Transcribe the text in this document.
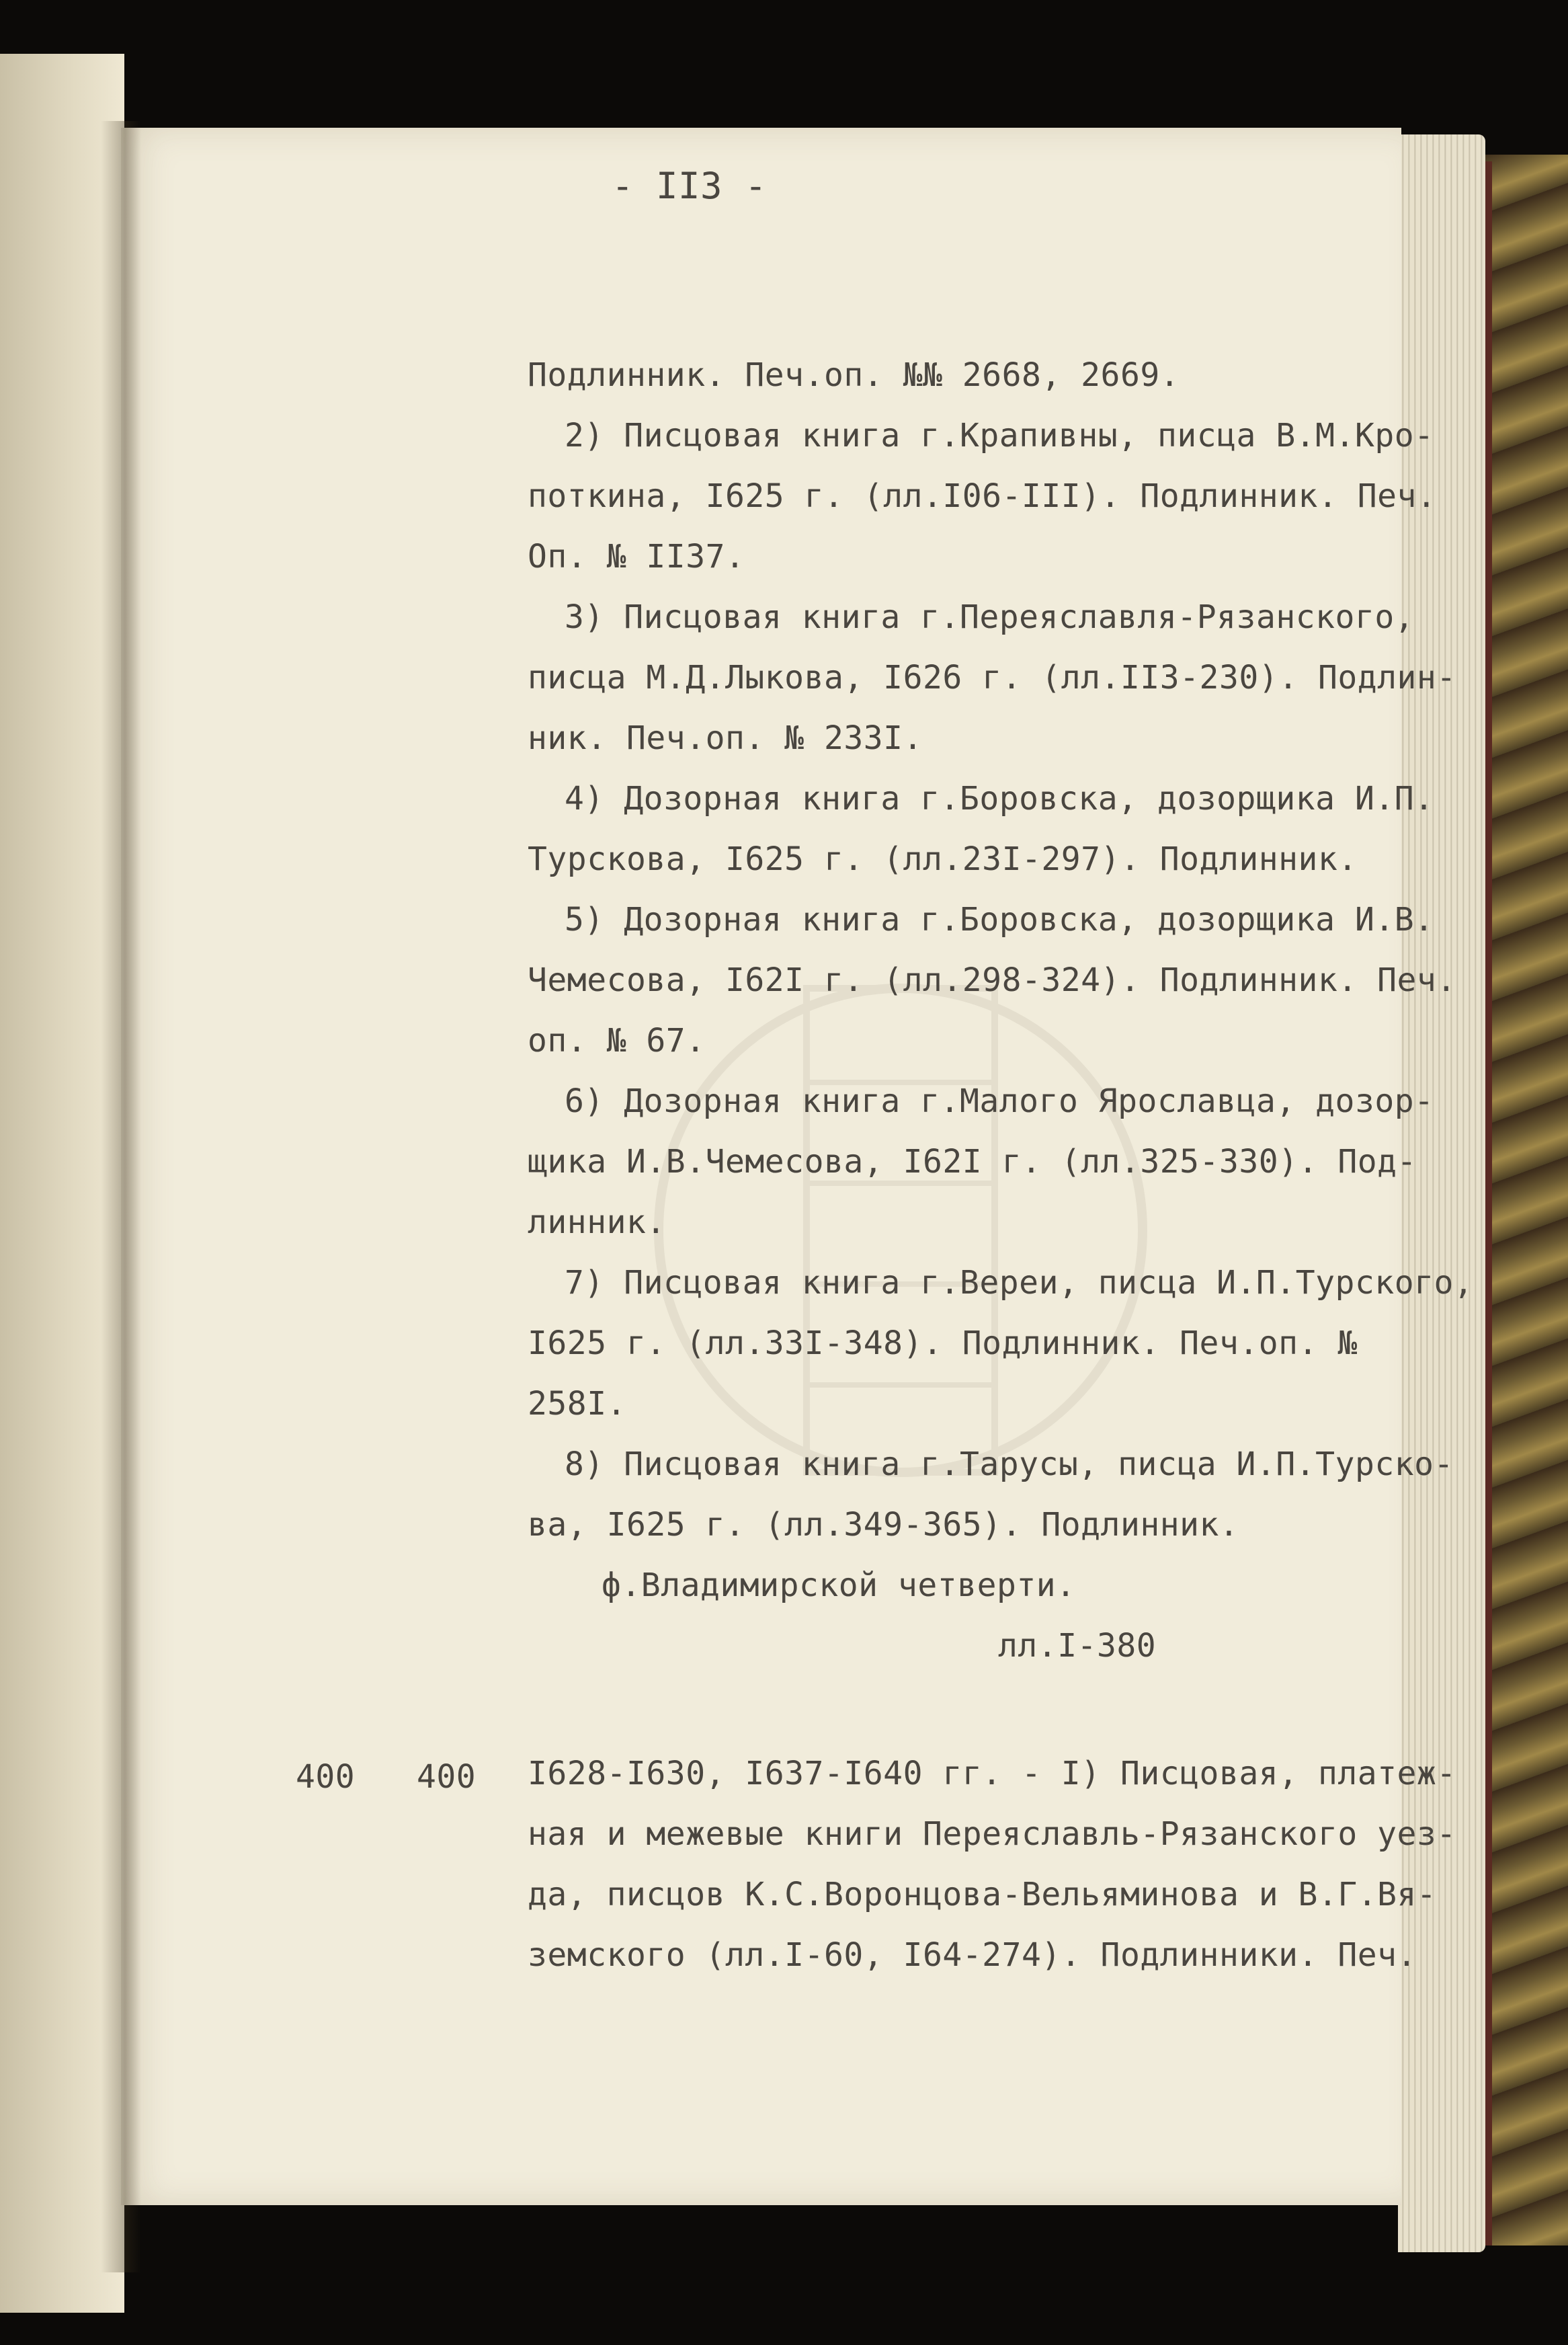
- II3 -
Подлинник. Печ.оп. №№ 2668, 2669.
2) Писцовая книга г.Крапивны, писца В.М.Кро-
поткина, I625 г. (лл.I06-III). Подлинник. Печ.
Оп. № II37.
3) Писцовая книга г.Переяславля-Рязанского,
писца М.Д.Лыкова, I626 г. (лл.II3-230). Подлин-
ник. Печ.оп. № 233I.
4) Дозорная книга г.Боровска, дозорщика И.П.
Турскова, I625 г. (лл.23I-297). Подлинник.
5) Дозорная книга г.Боровска, дозорщика И.В.
Чемесова, I62I г. (лл.298-324). Подлинник. Печ.
оп. № 67.
6) Дозорная книга г.Малого Ярославца, дозор-
щика И.В.Чемесова, I62I г. (лл.325-330). Под-
линник.
7) Писцовая книга г.Вереи, писца И.П.Турского,
I625 г. (лл.33I-348). Подлинник. Печ.оп. №
258I.
8) Писцовая книга г.Тарусы, писца И.П.Турско-
ва, I625 г. (лл.349-365). Подлинник.
ф.Владимирской четверти.
лл.I-380
400 400 I628-I630, I637-I640 гг. - I) Писцовая, платеж-
ная и межевые книги Переяславль-Рязанского уез-
да, писцов К.С.Воронцова-Вельяминова и В.Г.Вя-
земского (лл.I-60, I64-274). Подлинники. Печ.
